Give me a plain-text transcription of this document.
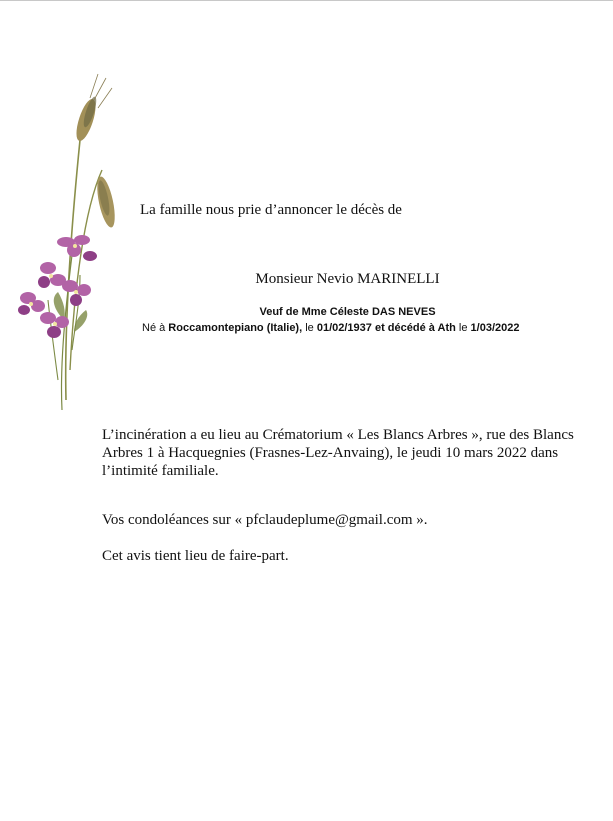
La famille nous prie d’annoncer le décès de
Monsieur Nevio MARINELLI
Veuf de Mme Céleste DAS NEVES
Né à Roccamontepiano (Italie), le 01/02/1937 et décédé à Ath le 1/03/2022
L’incinération a eu lieu au Crématorium « Les Blancs Arbres », rue des Blancs Arbres 1 à Hacquegnies (Frasnes-Lez-Anvaing), le jeudi 10 mars 2022 dans l’intimité familiale.
Vos condoléances sur « pfclaudeplume@gmail.com ».
Cet avis tient lieu de faire-part.
